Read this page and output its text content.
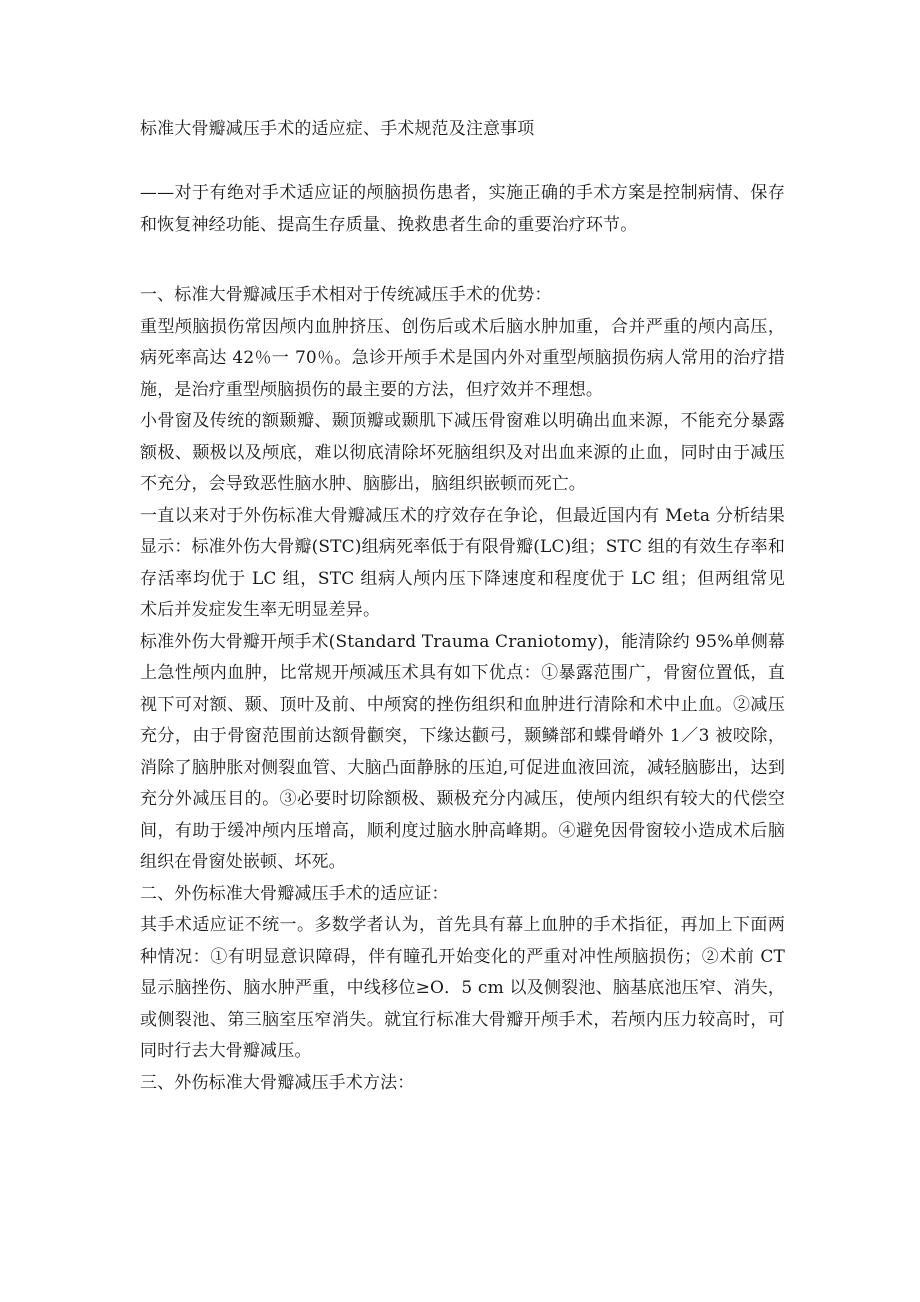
标准大骨瓣减压手术的适应症、手术规范及注意事项

——对于有绝对手术适应证的颅脑损伤患者，实施正确的手术方案是控制病情、保存和恢复神经功能、提高生存质量、挽救患者生命的重要治疗环节。

一、标准大骨瓣减压手术相对于传统减压手术的优势：

重型颅脑损伤常因颅内血肿挤压、创伤后或术后脑水肿加重，合并严重的颅内高压，病死率高达 42％一 70％。急诊开颅手术是国内外对重型颅脑损伤病人常用的治疗措施，是治疗重型颅脑损伤的最主要的方法，但疗效并不理想。

小骨窗及传统的额颞瓣、颞顶瓣或颞肌下减压骨窗难以明确出血来源，不能充分暴露额极、颞极以及颅底，难以彻底清除坏死脑组织及对出血来源的止血，同时由于减压不充分，会导致恶性脑水肿、脑膨出，脑组织嵌顿而死亡。

一直以来对于外伤标准大骨瓣减压术的疗效存在争论，但最近国内有 Meta 分析结果显示：标准外伤大骨瓣(STC)组病死率低于有限骨瓣(LC)组；STC 组的有效生存率和存活率均优于 LC 组，STC 组病人颅内压下降速度和程度优于 LC 组；但两组常见术后并发症发生率无明显差异。

标准外伤大骨瓣开颅手术(Standard Trauma Craniotomy)，能清除约 95%单侧幕上急性颅内血肿，比常规开颅减压术具有如下优点：①暴露范围广，骨窗位置低，直视下可对额、颞、顶叶及前、中颅窝的挫伤组织和血肿进行清除和术中止血。②减压充分，由于骨窗范围前达额骨颧突，下缘达颧弓，颞鳞部和蝶骨嵴外 1／3 被咬除，消除了脑肿胀对侧裂血管、大脑凸面静脉的压迫,可促进血液回流，减轻脑膨出，达到充分外减压目的。③必要时切除额极、颞极充分内减压，使颅内组织有较大的代偿空间，有助于缓冲颅内压增高，顺利度过脑水肿高峰期。④避免因骨窗较小造成术后脑组织在骨窗处嵌顿、坏死。

二、外伤标准大骨瓣减压手术的适应证：

其手术适应证不统一。多数学者认为，首先具有幕上血肿的手术指征，再加上下面两种情况：①有明显意识障碍，伴有瞳孔开始变化的严重对冲性颅脑损伤；②术前 CT 显示脑挫伤、脑水肿严重，中线移位≥O．5 cm 以及侧裂池、脑基底池压窄、消失，或侧裂池、第三脑室压窄消失。就宜行标准大骨瓣开颅手术，若颅内压力较高时，可同时行去大骨瓣减压。

三、外伤标准大骨瓣减压手术方法：
